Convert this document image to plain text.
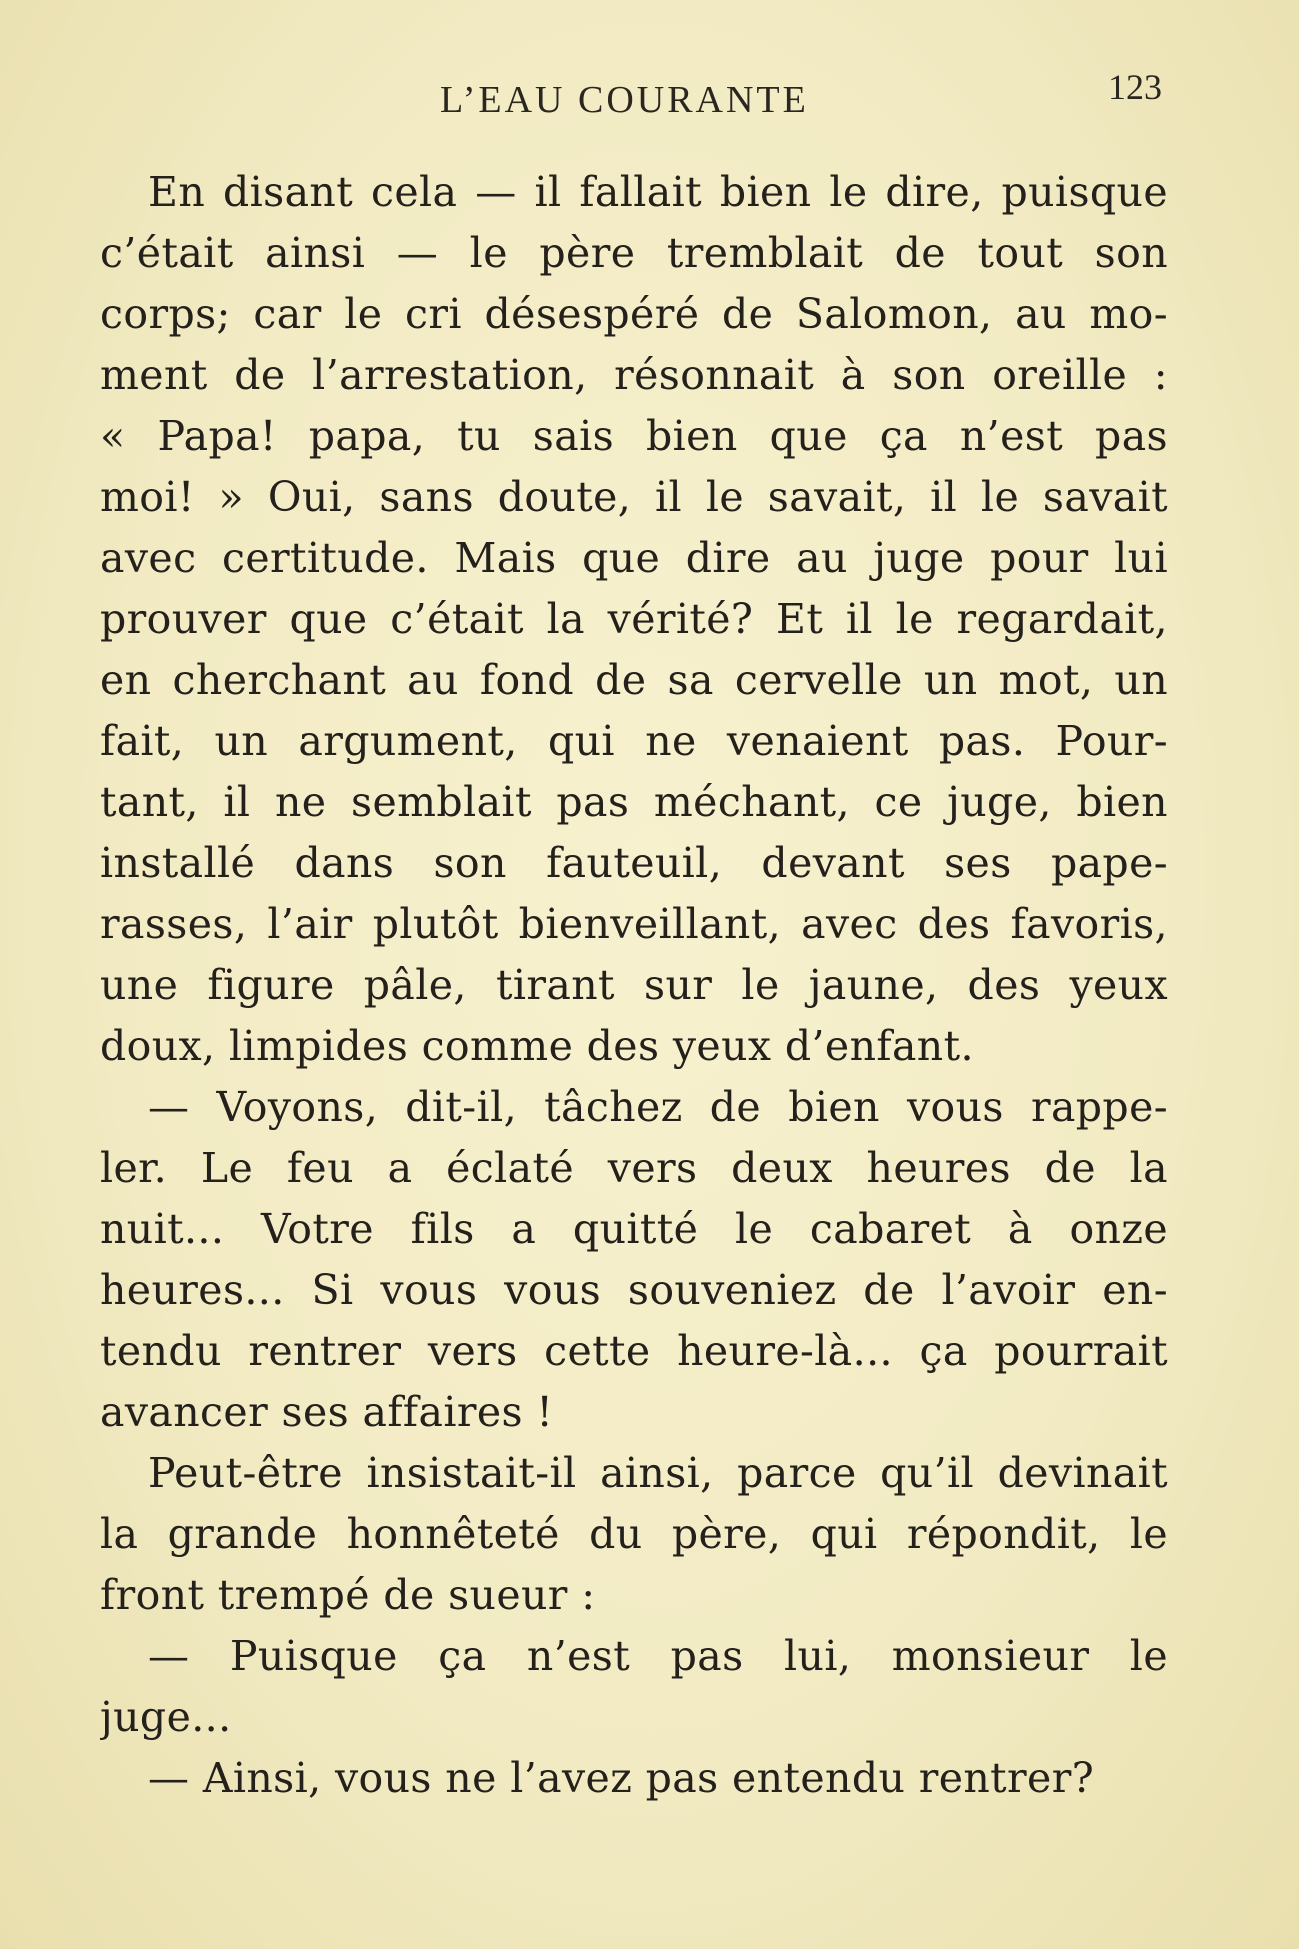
L’EAU COURANTE	123
En disant cela — il fallait bien le dire, puisque
c’était ainsi — le père tremblait de tout son
corps; car le cri désespéré de Salomon, au mo-
ment de l’arrestation, résonnait à son oreille :
« Papa! papa, tu sais bien que ça n’est pas
moi! » Oui, sans doute, il le savait, il le savait
avec certitude. Mais que dire au juge pour lui
prouver que c’était la vérité? Et il le regardait,
en cherchant au fond de sa cervelle un mot, un
fait, un argument, qui ne venaient pas. Pour-
tant, il ne semblait pas méchant, ce juge, bien
installé dans son fauteuil, devant ses pape-
rasses, l’air plutôt bienveillant, avec des favoris,
une figure pâle, tirant sur le jaune, des yeux
doux, limpides comme des yeux d’enfant.
— Voyons, dit-il, tâchez de bien vous rappe-
ler. Le feu a éclaté vers deux heures de la
nuit... Votre fils a quitté le cabaret à onze
heures... Si vous vous souveniez de l’avoir en-
tendu rentrer vers cette heure-là... ça pourrait
avancer ses affaires !
Peut-être insistait-il ainsi, parce qu’il devinait
la grande honnêteté du père, qui répondit, le
front trempé de sueur :
— Puisque ça n’est pas lui, monsieur le
juge...
— Ainsi, vous ne l’avez pas entendu rentrer?
